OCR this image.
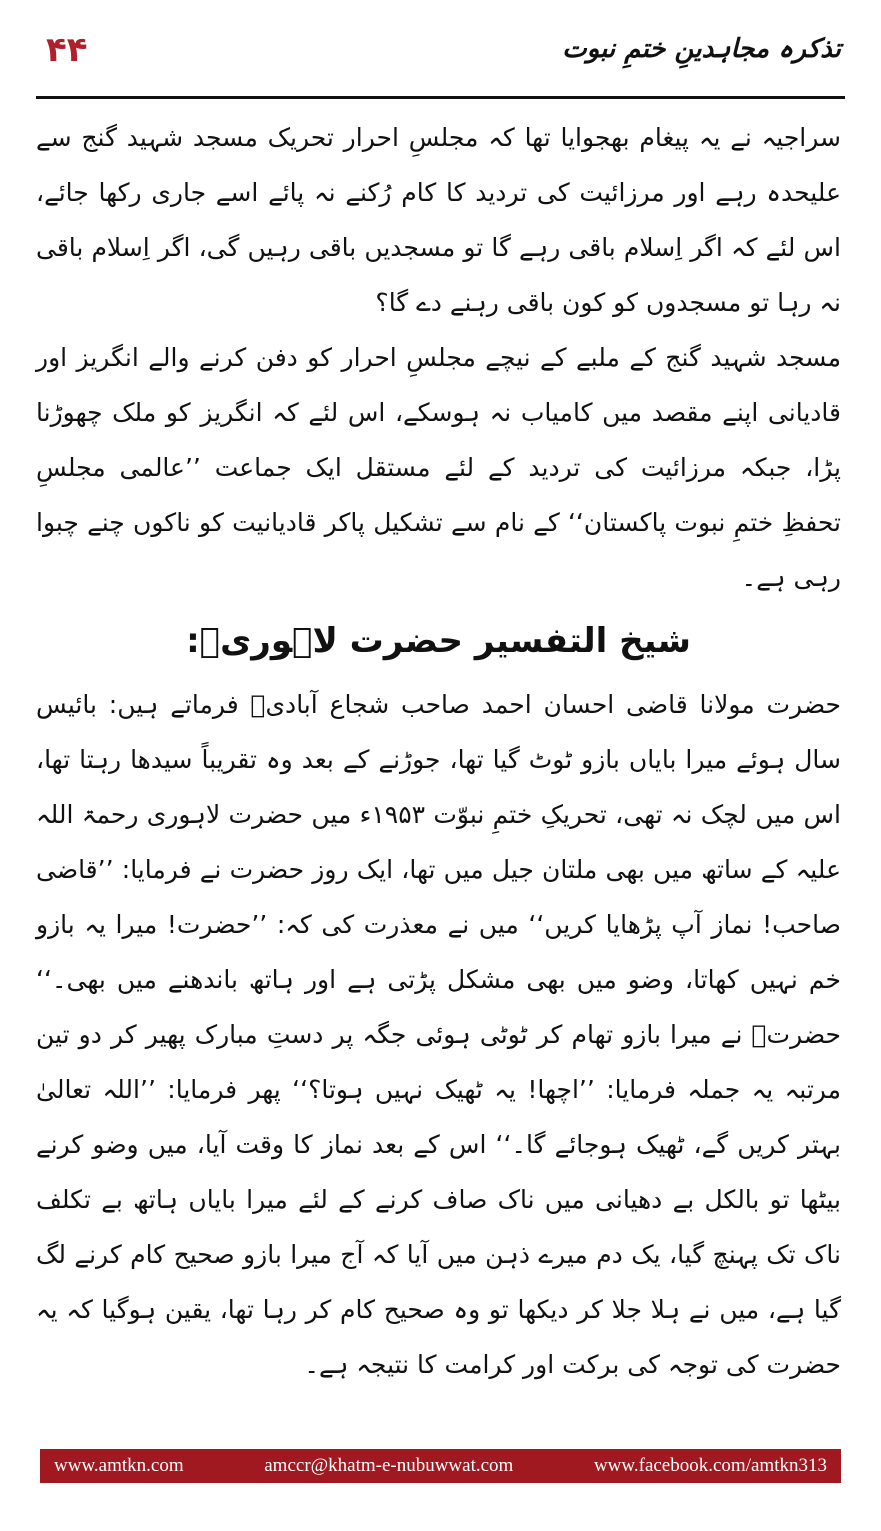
۴۴	تذکرہ مجاہدینِ ختمِ نبوت

سراجیہ نے یہ پیغام بھجوایا تھا کہ مجلسِ احرار تحریک مسجد شہید گنج سے علیحدہ رہے اور مرزائیت کی تردید کا کام رُکنے نہ پائے اسے جاری رکھا جائے، اس لئے کہ اگر اِسلام باقی رہے گا تو مسجدیں باقی رہیں گی، اگر اِسلام باقی نہ رہا تو مسجدوں کو کون باقی رہنے دے گا؟

مسجد شہید گنج کے ملبے کے نیچے مجلسِ احرار کو دفن کرنے والے انگریز اور قادیانی اپنے مقصد میں کامیاب نہ ہوسکے، اس لئے کہ انگریز کو ملک چھوڑنا پڑا، جبکہ مرزائیت کی تردید کے لئے مستقل ایک جماعت ’’عالمی مجلسِ تحفظِ ختمِ نبوت پاکستان‘‘ کے نام سے تشکیل پاکر قادیانیت کو ناکوں چنے چبوا رہی ہے۔

شیخ التفسیر حضرت لاہوریؒ:

حضرت مولانا قاضی احسان احمد صاحب شجاع آبادیؒ فرماتے ہیں: بائیس سال ہوئے میرا بایاں بازو ٹوٹ گیا تھا، جوڑنے کے بعد وہ تقریباً سیدھا رہتا تھا، اس میں لچک نہ تھی، تحریکِ ختمِ نبوّت ۱۹۵۳ء میں حضرت لاہوری رحمۃ اللہ علیہ کے ساتھ میں بھی ملتان جیل میں تھا، ایک روز حضرت نے فرمایا: ’’قاضی صاحب! نماز آپ پڑھایا کریں‘‘ میں نے معذرت کی کہ: ’’حضرت! میرا یہ بازو خم نہیں کھاتا، وضو میں بھی مشکل پڑتی ہے اور ہاتھ باندھنے میں بھی۔‘‘ حضرتؒ نے میرا بازو تھام کر ٹوٹی ہوئی جگہ پر دستِ مبارک پھیر کر دو تین مرتبہ یہ جملہ فرمایا: ’’اچھا! یہ ٹھیک نہیں ہوتا؟‘‘ پھر فرمایا: ’’اللہ تعالیٰ بہتر کریں گے، ٹھیک ہوجائے گا۔‘‘ اس کے بعد نماز کا وقت آیا، میں وضو کرنے بیٹھا تو بالکل بے دھیانی میں ناک صاف کرنے کے لئے میرا بایاں ہاتھ بے تکلف ناک تک پہنچ گیا، یک دم میرے ذہن میں آیا کہ آج میرا بازو صحیح کام کرنے لگ گیا ہے، میں نے ہلا جلا کر دیکھا تو وہ صحیح کام کر رہا تھا، یقین ہوگیا کہ یہ حضرت کی توجہ کی برکت اور کرامت کا نتیجہ ہے۔

www.amtkn.com	amccr@khatm-e-nubuwwat.com	www.facebook.com/amtkn313
